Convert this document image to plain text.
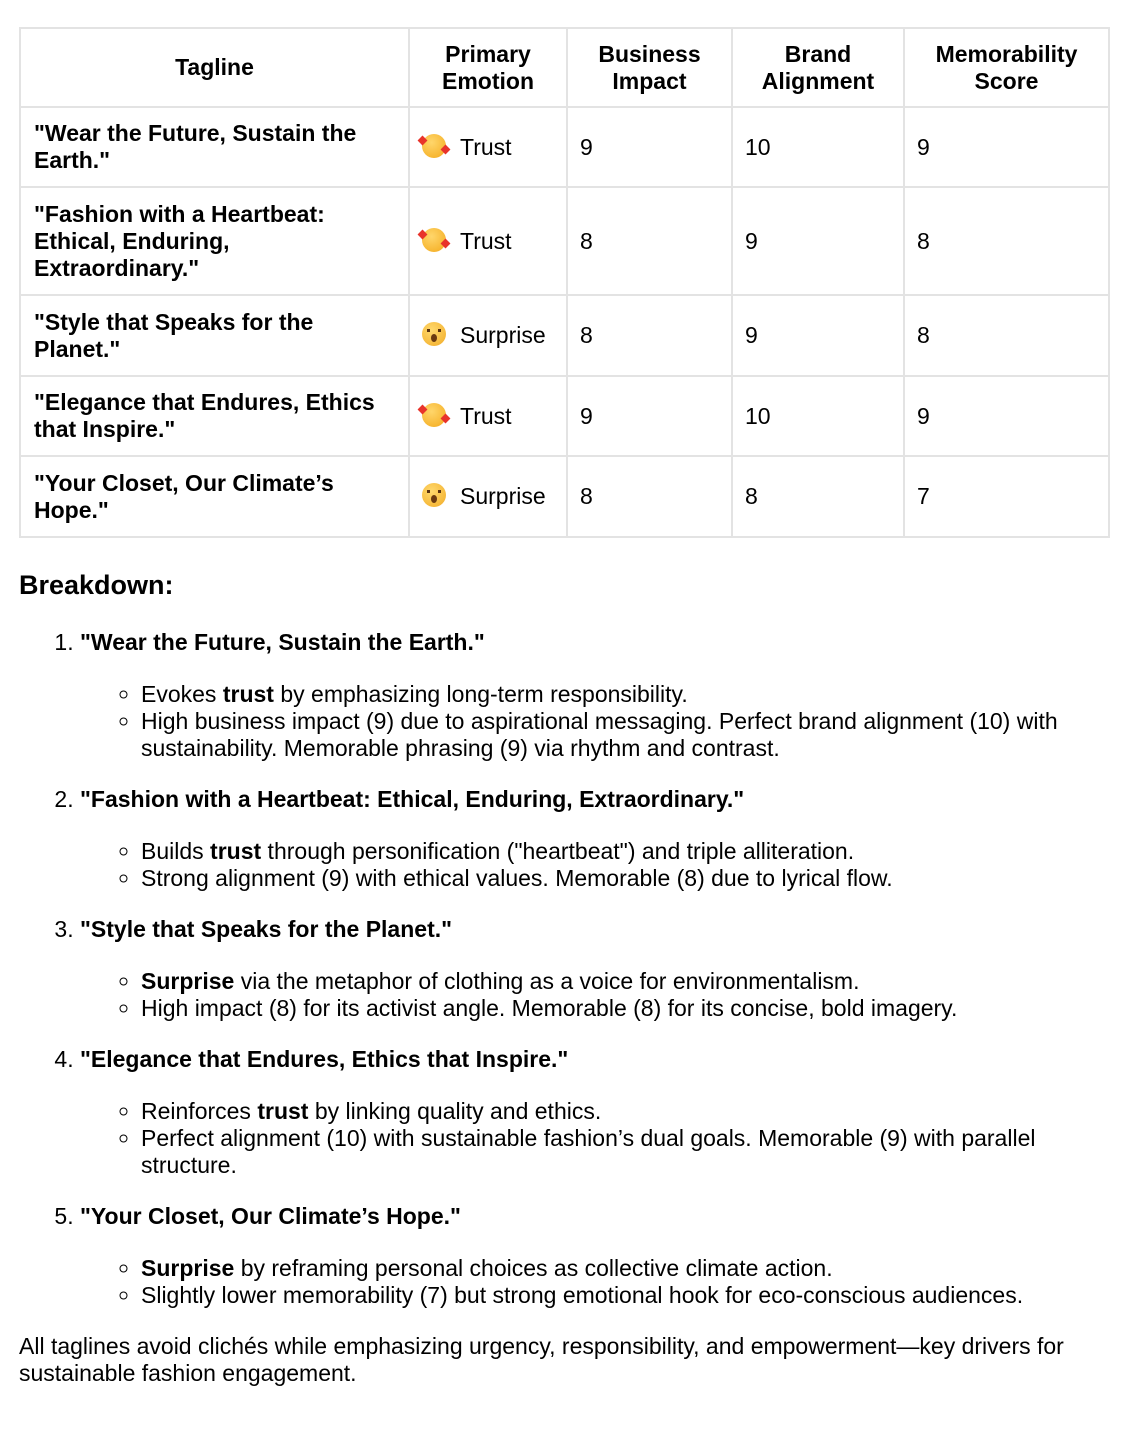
Tagline	Primary Emotion	Business Impact	Brand Alignment	Memorability Score
"Wear the Future, Sustain the Earth."	Trust	9	10	9
"Fashion with a Heartbeat: Ethical, Enduring, Extraordinary."	Trust	8	9	8
"Style that Speaks for the Planet."	Surprise	8	9	8
"Elegance that Endures, Ethics that Inspire."	Trust	9	10	9
"Your Closet, Our Climate’s Hope."	Surprise	8	8	7
Breakdown:
1. "Wear the Future, Sustain the Earth."
◦ Evokes trust by emphasizing long-term responsibility.
◦ High business impact (9) due to aspirational messaging. Perfect brand alignment (10) with sustainability. Memorable phrasing (9) via rhythm and contrast.
2. "Fashion with a Heartbeat: Ethical, Enduring, Extraordinary."
◦ Builds trust through personification ("heartbeat") and triple alliteration.
◦ Strong alignment (9) with ethical values. Memorable (8) due to lyrical flow.
3. "Style that Speaks for the Planet."
◦ Surprise via the metaphor of clothing as a voice for environmentalism.
◦ High impact (8) for its activist angle. Memorable (8) for its concise, bold imagery.
4. "Elegance that Endures, Ethics that Inspire."
◦ Reinforces trust by linking quality and ethics.
◦ Perfect alignment (10) with sustainable fashion’s dual goals. Memorable (9) with parallel structure.
5. "Your Closet, Our Climate’s Hope."
◦ Surprise by reframing personal choices as collective climate action.
◦ Slightly lower memorability (7) but strong emotional hook for eco-conscious audiences.

All taglines avoid clichés while emphasizing urgency, responsibility, and empowerment—key drivers for sustainable fashion engagement.
